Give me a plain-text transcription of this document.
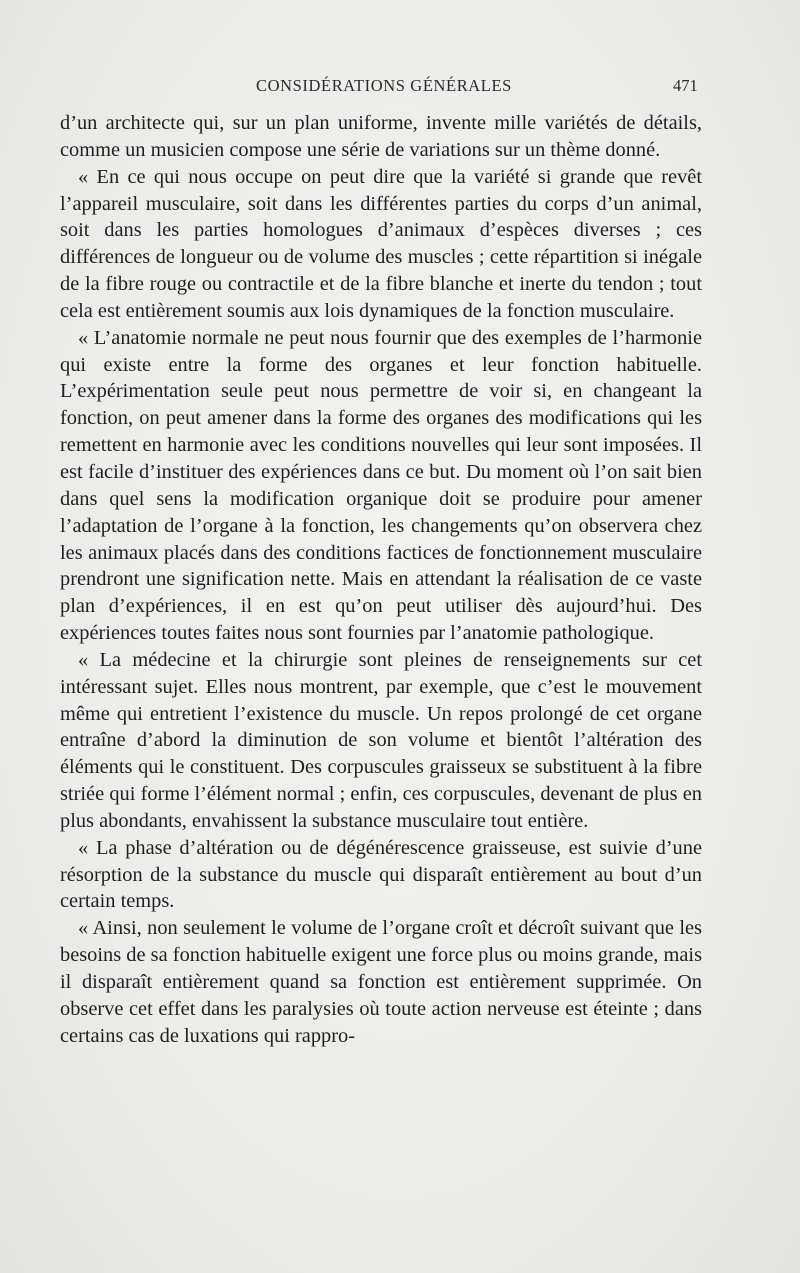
CONSIDÉRATIONS GÉNÉRALES	471

d’un architecte qui, sur un plan uniforme, invente mille variétés de détails, comme un musicien compose une série de variations sur un thème donné.

« En ce qui nous occupe on peut dire que la variété si grande que revêt l’appareil musculaire, soit dans les différentes parties du corps d’un animal, soit dans les parties homologues d’animaux d’espèces diverses ; ces différences de longueur ou de volume des muscles ; cette répartition si inégale de la fibre rouge ou contractile et de la fibre blanche et inerte du tendon ; tout cela est entièrement soumis aux lois dynamiques de la fonction musculaire.

« L’anatomie normale ne peut nous fournir que des exemples de l’harmonie qui existe entre la forme des organes et leur fonction habituelle. L’expérimentation seule peut nous permettre de voir si, en changeant la fonction, on peut amener dans la forme des organes des modifications qui les remettent en harmonie avec les conditions nouvelles qui leur sont imposées. Il est facile d’instituer des expériences dans ce but. Du moment où l’on sait bien dans quel sens la modification organique doit se produire pour amener l’adaptation de l’organe à la fonction, les changements qu’on observera chez les animaux placés dans des conditions factices de fonctionnement musculaire prendront une signification nette. Mais en attendant la réalisation de ce vaste plan d’expériences, il en est qu’on peut utiliser dès aujourd’hui. Des expériences toutes faites nous sont fournies par l’anatomie pathologique.

« La médecine et la chirurgie sont pleines de renseignements sur cet intéressant sujet. Elles nous montrent, par exemple, que c’est le mouvement même qui entretient l’existence du muscle. Un repos prolongé de cet organe entraîne d’abord la diminution de son volume et bientôt l’altération des éléments qui le constituent. Des corpuscules graisseux se substituent à la fibre striée qui forme l’élément normal ; enfin, ces corpuscules, devenant de plus en plus abondants, envahissent la substance musculaire tout entière.

« La phase d’altération ou de dégénérescence graisseuse, est suivie d’une résorption de la substance du muscle qui disparaît entièrement au bout d’un certain temps.

« Ainsi, non seulement le volume de l’organe croît et décroît suivant que les besoins de sa fonction habituelle exigent une force plus ou moins grande, mais il disparaît entièrement quand sa fonction est entièrement supprimée. On observe cet effet dans les paralysies où toute action nerveuse est éteinte ; dans certains cas de luxations qui rappro-
